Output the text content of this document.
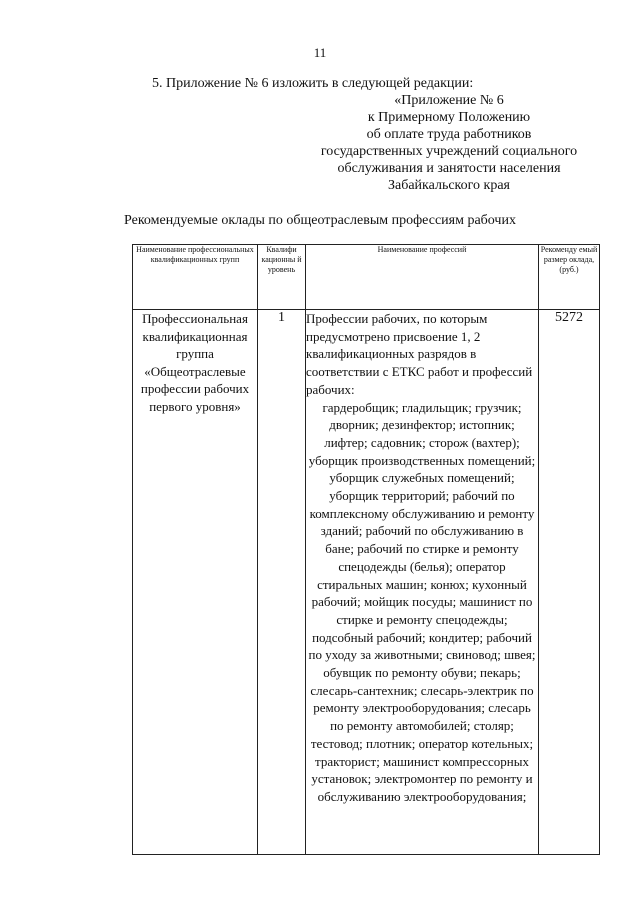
11
5. Приложение № 6 изложить в следующей редакции:
«Приложение № 6
к Примерному Положению
об оплате труда работников
государственных учреждений социального
обслуживания и занятости населения
Забайкальского края
Рекомендуемые оклады по общеотраслевым профессиям рабочих
Наименование профессиональных квалификационных групп	Квалифи кационны й уровень	Наименование профессий	Рекоменду емый размер оклада, (руб.)
Профессиональная квалификационная группа «Общеотраслевые профессии рабочих первого уровня»	1	Профессии рабочих, по которым предусмотрено присвоение 1, 2 квалификационных разрядов в соответствии с ЕТКС работ и профессий рабочих:
гардеробщик; гладильщик; грузчик; дворник; дезинфектор; истопник; лифтер; садовник; сторож (вахтер); уборщик производственных помещений; уборщик служебных помещений; уборщик территорий; рабочий по комплексному обслуживанию и ремонту зданий; рабочий по обслуживанию в бане; рабочий по стирке и ремонту спецодежды (белья); оператор стиральных машин; конюх; кухонный рабочий; мойщик посуды; машинист по стирке и ремонту спецодежды; подсобный рабочий; кондитер; рабочий по уходу за животными; свиновод; швея; обувщик по ремонту обуви; пекарь; слесарь-сантехник; слесарь-электрик по ремонту электрооборудования; слесарь по ремонту автомобилей; столяр; тестовод; плотник; оператор котельных; тракторист; машинист компрессорных установок; электромонтер по ремонту и обслуживанию электрооборудования;	5272
